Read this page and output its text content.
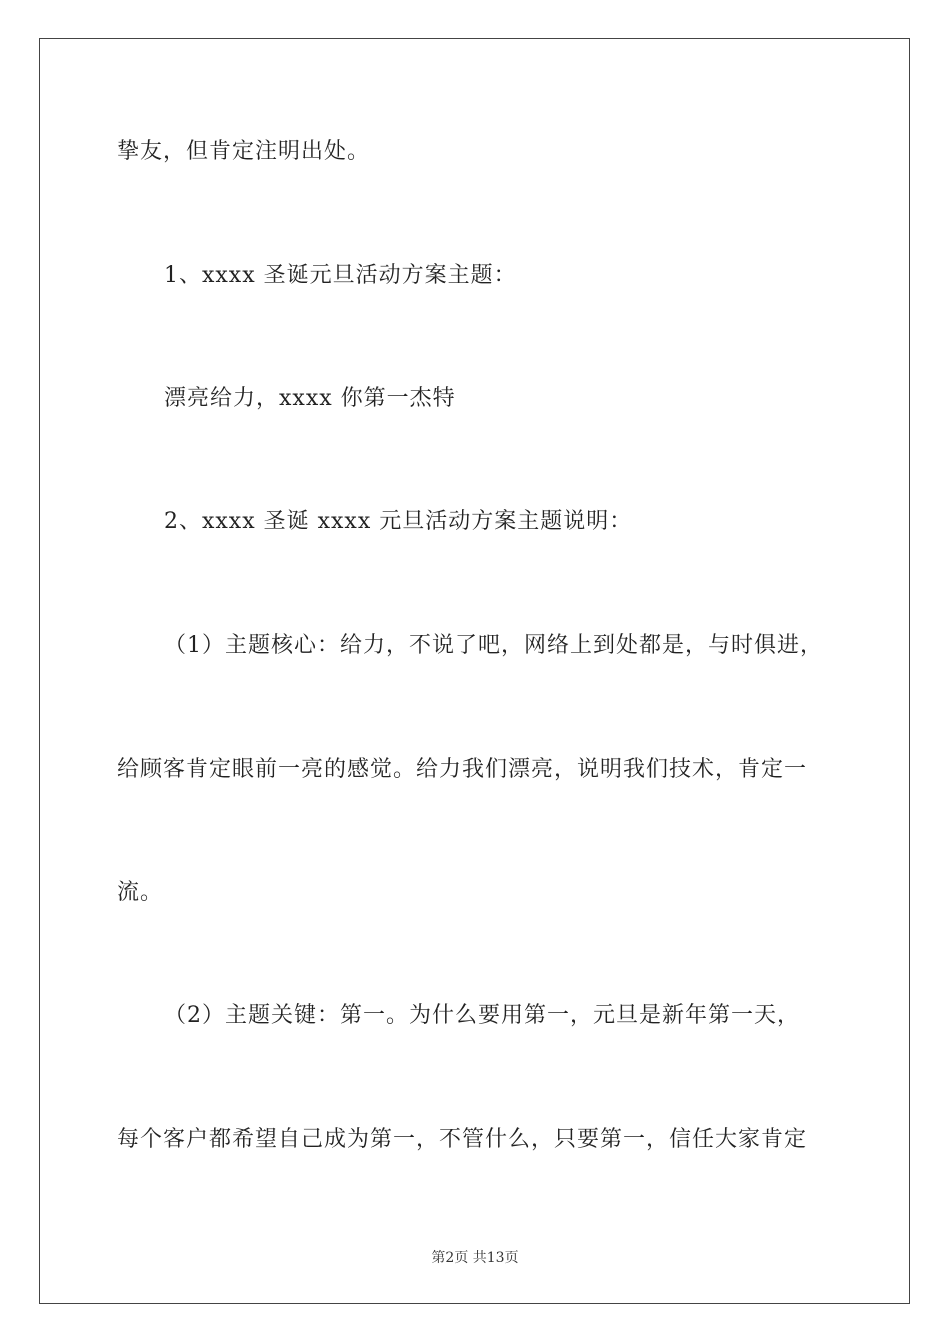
挚友，但肯定注明出处。
1、xxxx 圣诞元旦活动方案主题：
漂亮给力，xxxx 你第一杰特
2、xxxx 圣诞 xxxx 元旦活动方案主题说明：
（1）主题核心：给力，不说了吧，网络上到处都是，与时俱进，
给顾客肯定眼前一亮的感觉。给力我们漂亮，说明我们技术，肯定一
流。
（2）主题关键：第一。为什么要用第一，元旦是新年第一天，
每个客户都希望自己成为第一，不管什么，只要第一，信任大家肯定
第2页 共13页
